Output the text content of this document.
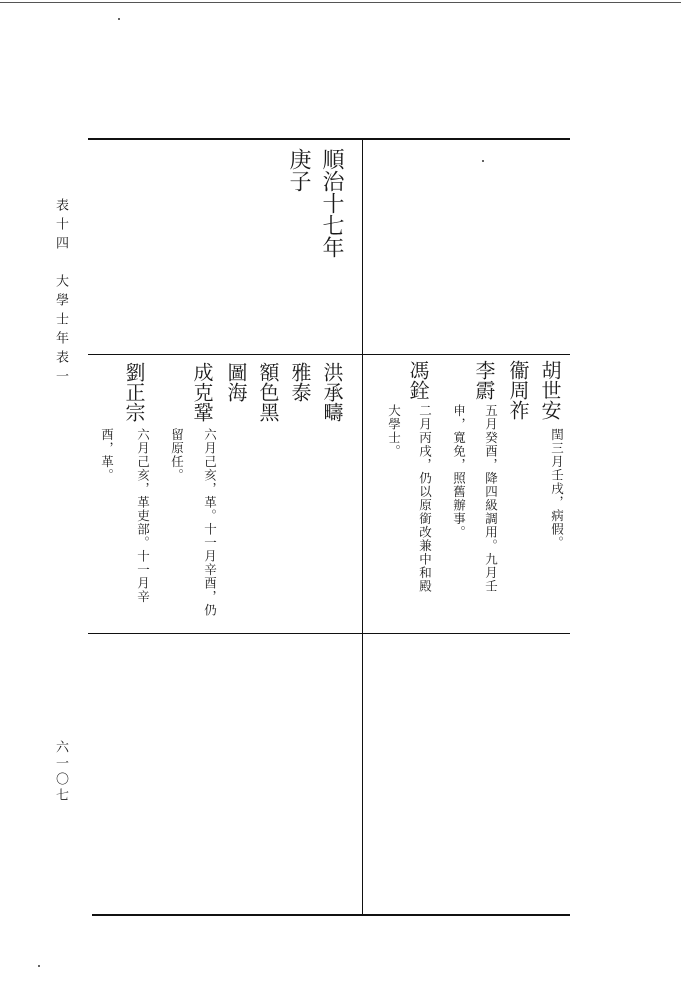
表十四　大學士年表一
六一〇七
順治十七年
庚子
洪承疇
雅泰
額色黑
圖海
成克鞏
六月己亥，革。十一月辛酉，仍
留原任。
劉正宗
六月己亥，革吏部。十一月辛
酉，革。
胡世安
閏三月壬戌，病假。
衞周祚
李霨
五月癸酉，降四級調用。九月壬
申，寬免，照舊辦事。
馮銓
二月丙戌，仍以原銜改兼中和殿
大學士。
